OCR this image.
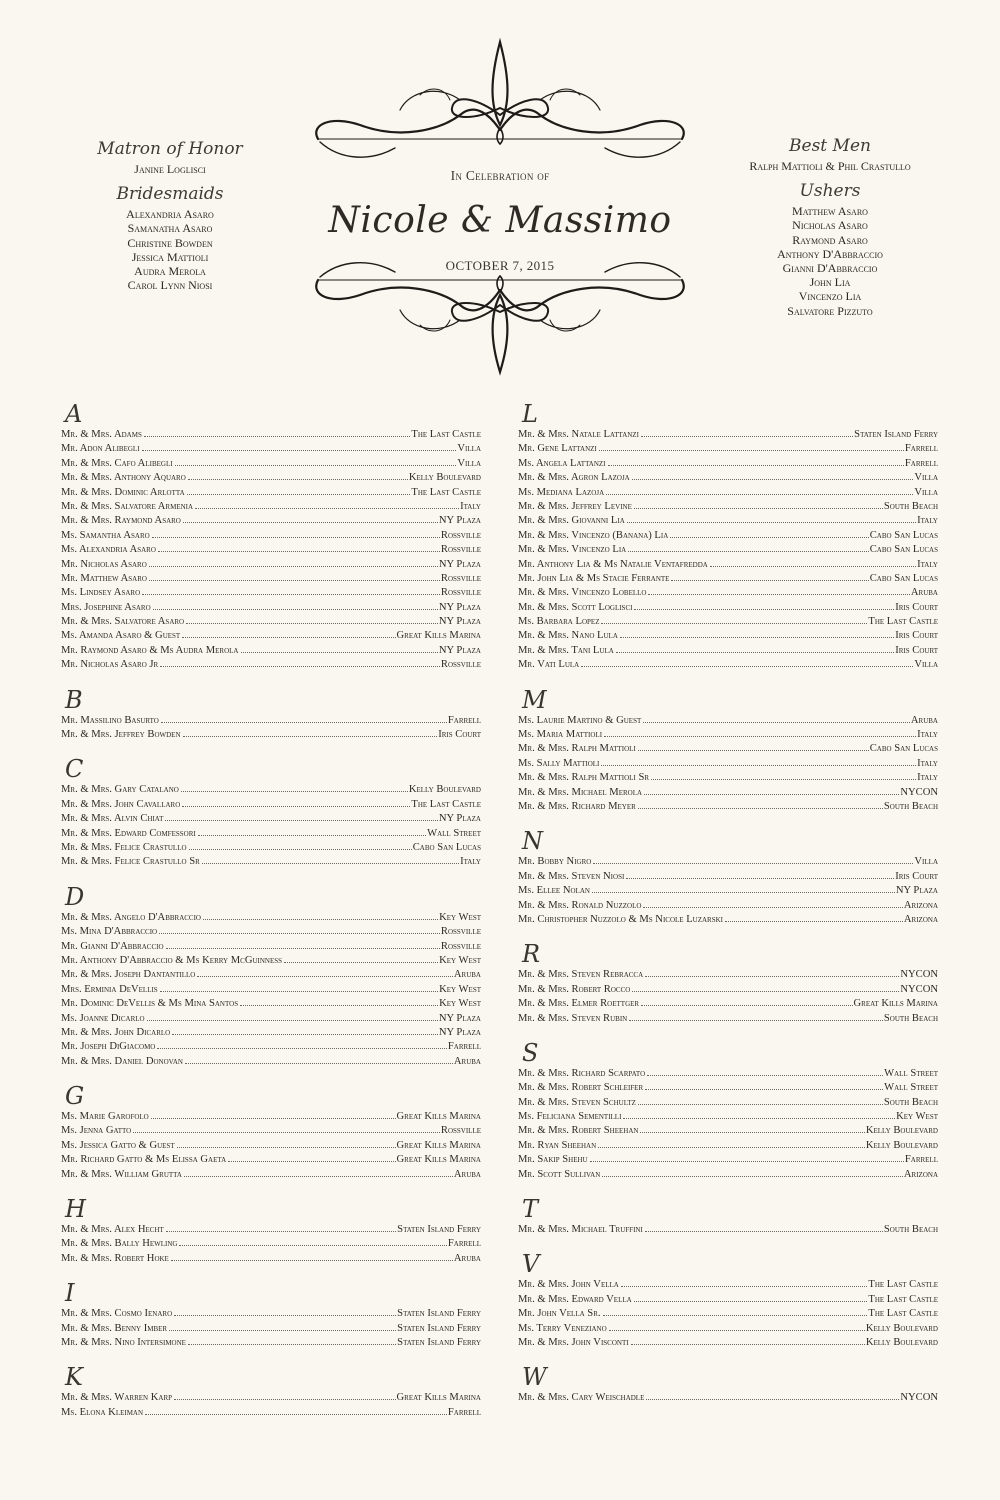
Matron of Honor
Janine Loglisci
Bridesmaids
Alexandria Asaro
Samanatha Asaro
Christine Bowden
Jessica Mattioli
Audra Merola
Carol Lynn Niosi
Best Men
Ralph Mattioli & Phil Crastullo
Ushers
Matthew Asaro
Nicholas Asaro
Raymond Asaro
Anthony D'Abbraccio
Gianni D'Abbraccio
John Lia
Vincenzo Lia
Salvatore Pizzuto
In Celebration of
Nicole & Massimo
OCTOBER 7, 2015
A
Mr. & Mrs. Adams	The Last Castle
Mr. Adon Alibegli	Villa
Mr. & Mrs. Cafo Alibegli	Villa
Mr. & Mrs. Anthony Aquaro	Kelly Boulevard
Mr. & Mrs. Dominic Arlotta	The Last Castle
Mr. & Mrs. Salvatore Armenia	Italy
Mr. & Mrs. Raymond Asaro	NY Plaza
Ms. Samantha Asaro	Rossville
Ms. Alexandria Asaro	Rossville
Mr. Nicholas Asaro	NY Plaza
Mr. Matthew Asaro	Rossville
Ms. Lindsey Asaro	Rossville
Mrs. Josephine Asaro	NY Plaza
Mr. & Mrs. Salvatore Asaro	NY Plaza
Ms. Amanda Asaro & Guest	Great Kills Marina
Mr. Raymond Asaro & Ms Audra Merola	NY Plaza
Mr. Nicholas Asaro Jr	Rossville
B
Mr. Massilino Basurto	Farrell
Mr. & Mrs. Jeffrey Bowden	Iris Court
C
Mr. & Mrs. Gary Catalano	Kelly Boulevard
Mr. & Mrs. John Cavallaro	The Last Castle
Mr. & Mrs. Alvin Chiat	NY Plaza
Mr. & Mrs. Edward Comfessori	Wall Street
Mr. & Mrs. Felice Crastullo	Cabo San Lucas
Mr. & Mrs. Felice Crastullo Sr	Italy
D
Mr. & Mrs. Angelo D'Abbraccio	Key West
Ms. Mina D'Abbraccio	Rossville
Mr. Gianni D'Abbraccio	Rossville
Mr. Anthony D'Abbraccio & Ms Kerry McGuinness	Key West
Mr. & Mrs. Joseph Dantantillo	Aruba
Mrs. Erminia DeVellis	Key West
Mr. Dominic DeVellis & Ms Mina Santos	Key West
Ms. Joanne Dicarlo	NY Plaza
Mr. & Mrs. John Dicarlo	NY Plaza
Mr. Joseph DiGiacomo	Farrell
Mr. & Mrs. Daniel Donovan	Aruba
G
Ms. Marie Garofolo	Great Kills Marina
Ms. Jenna Gatto	Rossville
Ms. Jessica Gatto & Guest	Great Kills Marina
Mr. Richard Gatto & Ms Elissa Gaeta	Great Kills Marina
Mr. & Mrs. William Grutta	Aruba
H
Mr. & Mrs. Alex Hecht	Staten Island Ferry
Mr. & Mrs. Bally Hewling	Farrell
Mr. & Mrs. Robert Hoke	Aruba
I
Mr. & Mrs. Cosmo Ienaro	Staten Island Ferry
Mr. & Mrs. Benny Imber	Staten Island Ferry
Mr. & Mrs. Nino Intersimone	Staten Island Ferry
K
Mr. & Mrs. Warren Karp	Great Kills Marina
Ms. Elona Kleiman	Farrell
L
Mr. & Mrs. Natale Lattanzi	Staten Island Ferry
Mr. Gene Lattanzi	Farrell
Ms. Angela Lattanzi	Farrell
Mr. & Mrs. Agron Lazoja	Villa
Ms. Mediana Lazoja	Villa
Mr. & Mrs. Jeffrey Levine	South Beach
Mr. & Mrs. Giovanni Lia	Italy
Mr. & Mrs. Vincenzo (Banana) Lia	Cabo San Lucas
Mr. & Mrs. Vincenzo Lia	Cabo San Lucas
Mr. Anthony Lia & Ms Natalie Ventafredda	Italy
Mr. John Lia & Ms Stacie Ferrante	Cabo San Lucas
Mr. & Mrs. Vincenzo Lobello	Aruba
Mr. & Mrs. Scott Loglisci	Iris Court
Ms. Barbara Lopez	The Last Castle
Mr. & Mrs. Nano Lula	Iris Court
Mr. & Mrs. Tani Lula	Iris Court
Mr. Vati Lula	Villa
M
Ms. Laurie Martino & Guest	Aruba
Ms. Maria Mattioli	Italy
Mr. & Mrs. Ralph Mattioli	Cabo San Lucas
Ms. Sally Mattioli	Italy
Mr. & Mrs. Ralph Mattioli Sr	Italy
Mr. & Mrs. Michael Merola	NYCON
Mr. & Mrs. Richard Meyer	South Beach
N
Mr. Bobby Nigro	Villa
Mr. & Mrs. Steven Niosi	Iris Court
Ms. Ellee Nolan	NY Plaza
Mr. & Mrs. Ronald Nuzzolo	Arizona
Mr. Christopher Nuzzolo & Ms Nicole Luzarski	Arizona
R
Mr. & Mrs. Steven Rebracca	NYCON
Mr. & Mrs. Robert Rocco	NYCON
Mr. & Mrs. Elmer Roettger	Great Kills Marina
Mr. & Mrs. Steven Rubin	South Beach
S
Mr. & Mrs. Richard Scarpato	Wall Street
Mr. & Mrs. Robert Schleifer	Wall Street
Mr. & Mrs. Steven Schultz	South Beach
Ms. Feliciana Sementilli	Key West
Mr. & Mrs. Robert Sheehan	Kelly Boulevard
Mr. Ryan Sheehan	Kelly Boulevard
Mr. Sakip Shehu	Farrell
Mr. Scott Sullivan	Arizona
T
Mr. & Mrs. Michael Truffini	South Beach
V
Mr. & Mrs. John Vella	The Last Castle
Mr. & Mrs. Edward Vella	The Last Castle
Mr. John Vella Sr.	The Last Castle
Ms. Terry Veneziano	Kelly Boulevard
Mr. & Mrs. John Visconti	Kelly Boulevard
W
Mr. & Mrs. Cary Weischadle	NYCON
